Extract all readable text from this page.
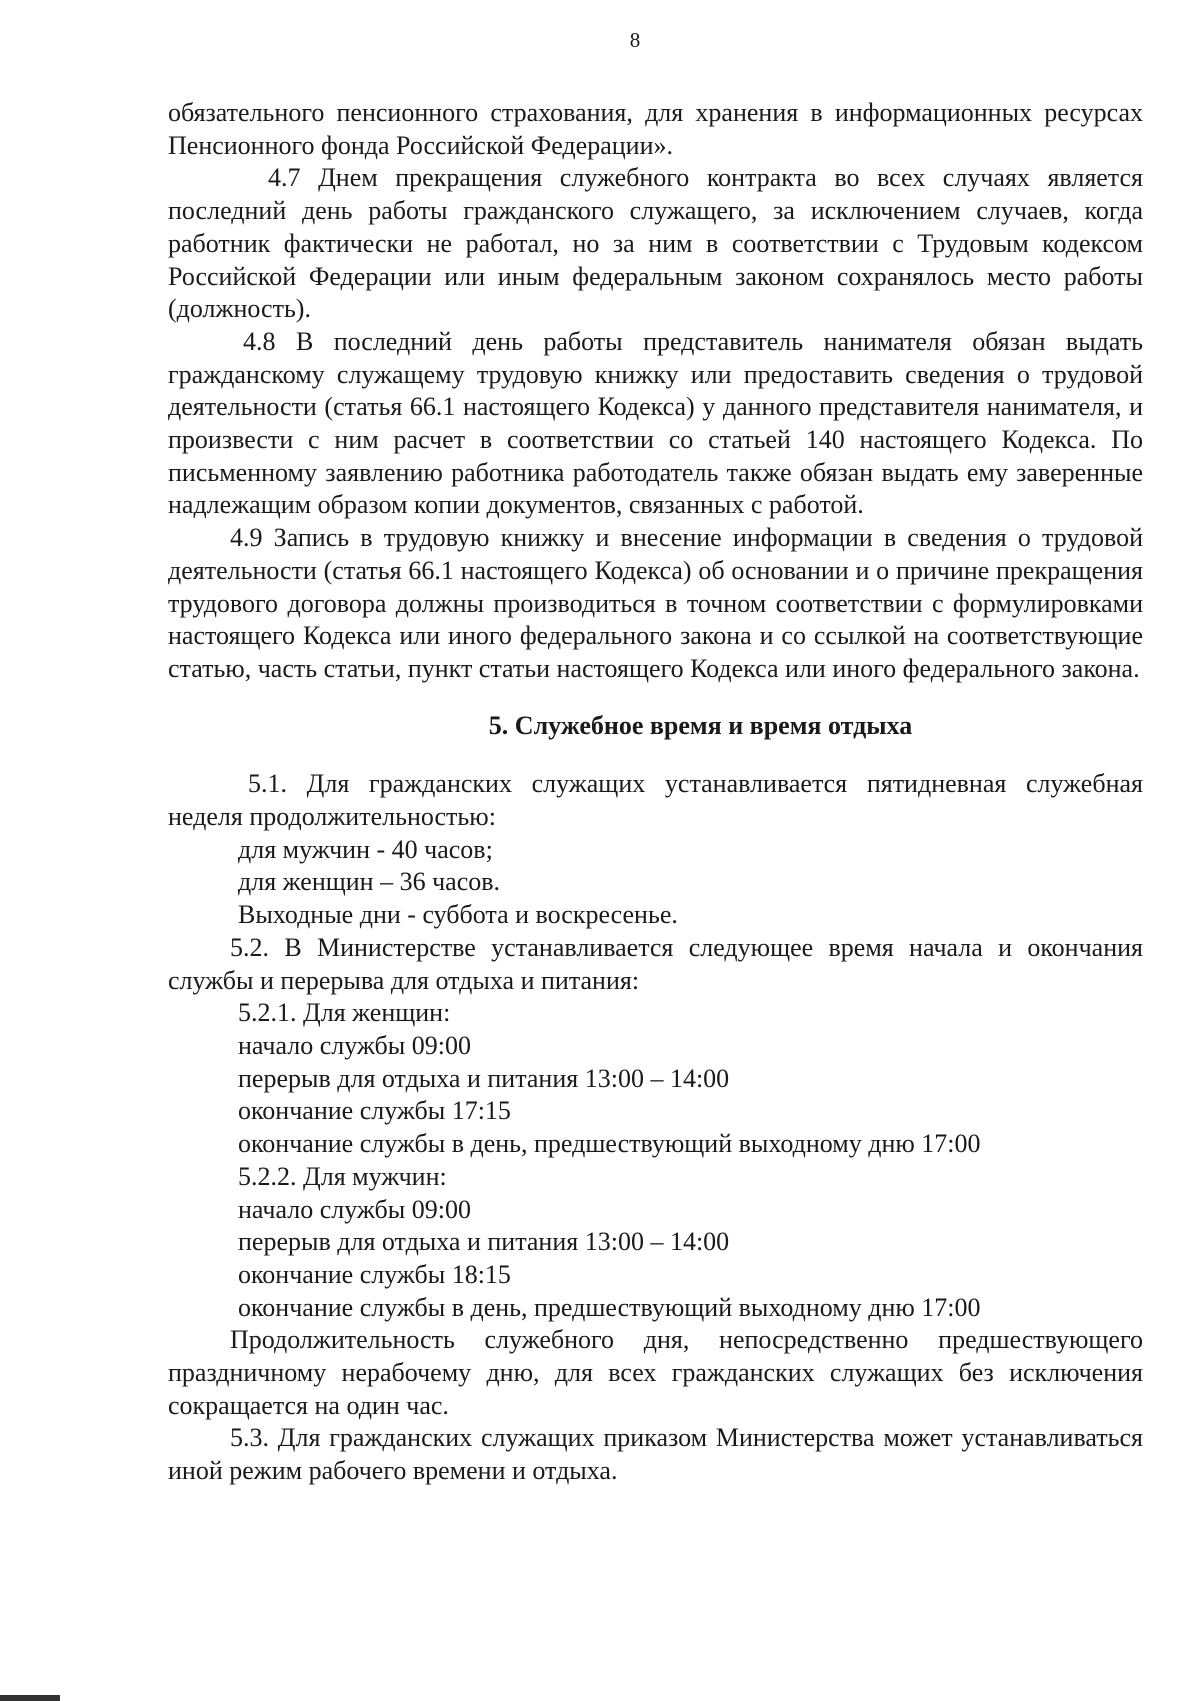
8

обязательного пенсионного страхования, для хранения в информационных ресурсах Пенсионного фонда Российской Федерации».

4.7 Днем прекращения служебного контракта во всех случаях является последний день работы гражданского служащего, за исключением случаев, когда работник фактически не работал, но за ним в соответствии с Трудовым кодексом Российской Федерации или иным федеральным законом сохранялось место работы (должность).

4.8 В последний день работы представитель нанимателя обязан выдать гражданскому служащему трудовую книжку или предоставить сведения о трудовой деятельности (статья 66.1 настоящего Кодекса) у данного представителя нанимателя, и произвести с ним расчет в соответствии со статьей 140 настоящего Кодекса. По письменному заявлению работника работодатель также обязан выдать ему заверенные надлежащим образом копии документов, связанных с работой.

4.9 Запись в трудовую книжку и внесение информации в сведения о трудовой деятельности (статья 66.1 настоящего Кодекса) об основании и о причине прекращения трудового договора должны производиться в точном соответствии с формулировками настоящего Кодекса или иного федерального закона и со ссылкой на соответствующие статью, часть статьи, пункт статьи настоящего Кодекса или иного федерального закона.

5. Служебное время и время отдыха

5.1. Для гражданских служащих устанавливается пятидневная служебная неделя продолжительностью:

для мужчин - 40 часов;

для женщин – 36 часов.

Выходные дни - суббота и воскресенье.

5.2. В Министерстве устанавливается следующее время начала и окончания службы и перерыва для отдыха и питания:

5.2.1. Для женщин:

начало службы 09:00

перерыв для отдыха и питания 13:00 – 14:00

окончание службы 17:15

окончание службы в день, предшествующий выходному дню 17:00

5.2.2. Для мужчин:

начало службы 09:00

перерыв для отдыха и питания 13:00 – 14:00

окончание службы 18:15

окончание службы в день, предшествующий выходному дню 17:00

Продолжительность служебного дня, непосредственно предшествующего праздничному нерабочему дню, для всех гражданских служащих без исключения сокращается на один час.

5.3. Для гражданских служащих приказом Министерства может устанавливаться иной режим рабочего времени и отдыха.
